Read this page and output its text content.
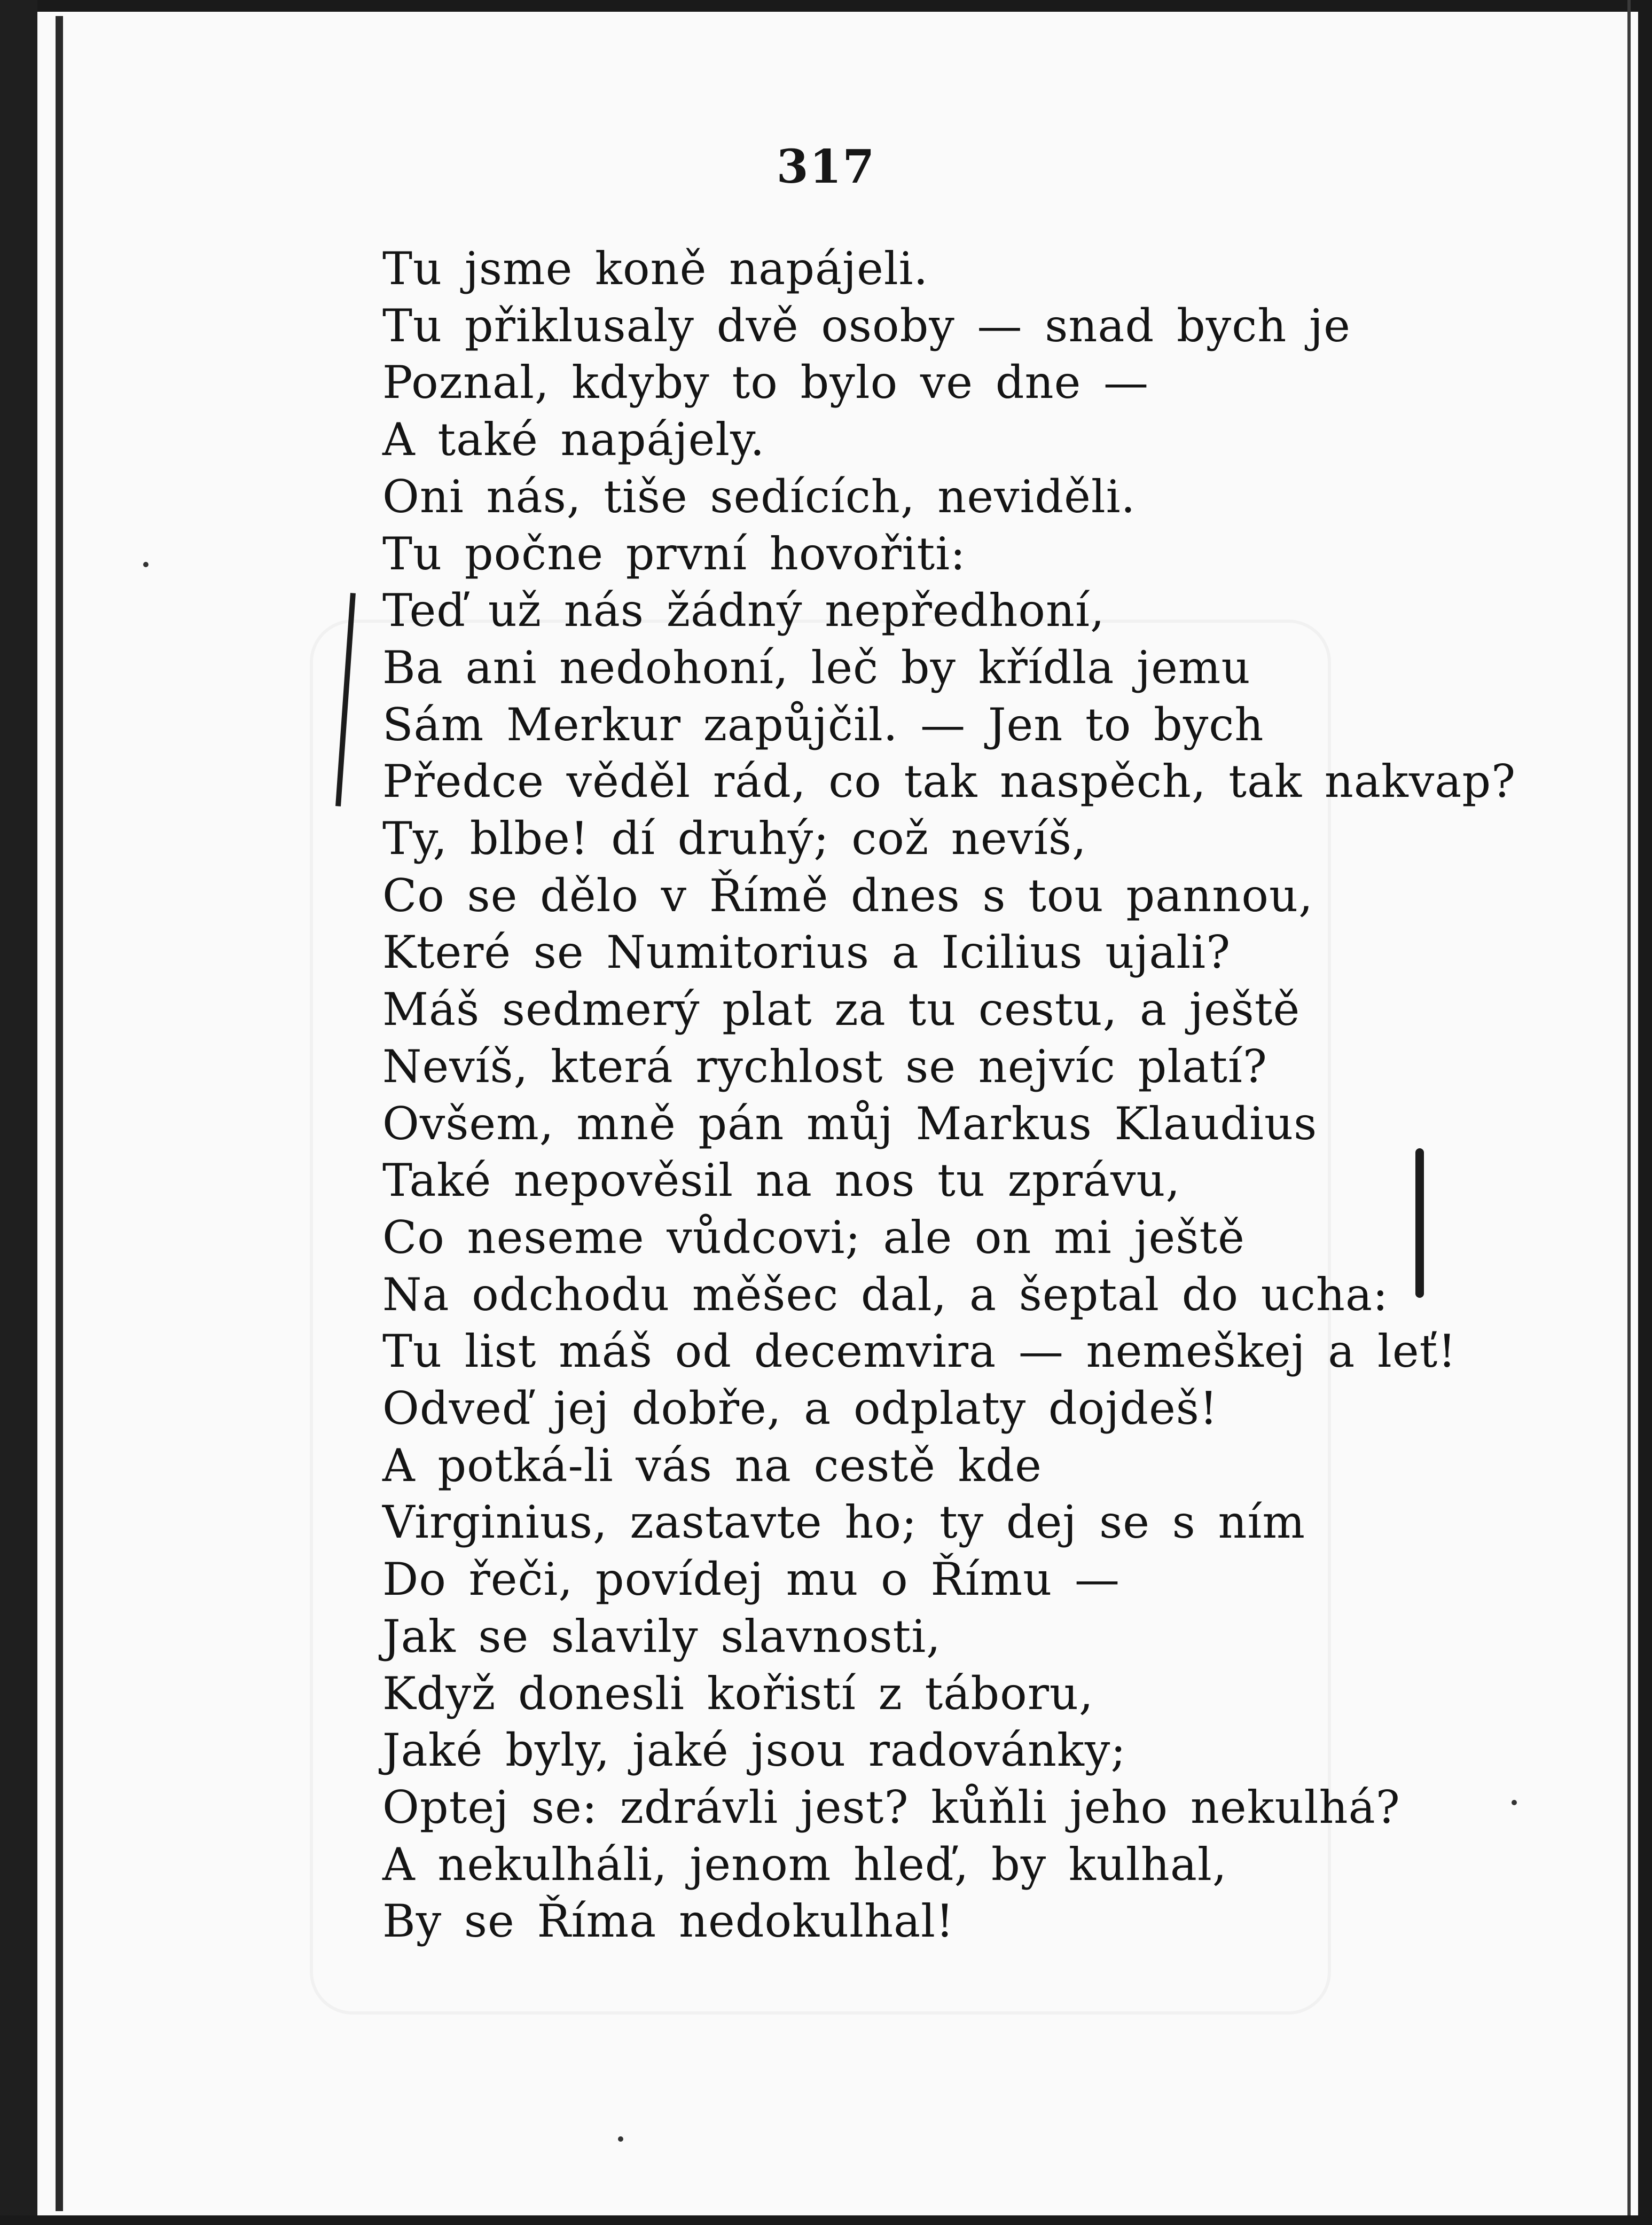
317
Tu jsme koně napájeli.
Tu přiklusaly dvě osoby — snad bych je
Poznal, kdyby to bylo ve dne —
A také napájely.
Oni nás, tiše sedících, neviděli.
Tu počne první hovořiti:
Teď už nás žádný nepředhoní,
Ba ani nedohoní, leč by křídla jemu
Sám Merkur zapůjčil. — Jen to bych
Předce věděl rád, co tak naspěch, tak nakvap?
Ty, blbe! dí druhý; což nevíš,
Co se dělo v Římě dnes s tou pannou,
Které se Numitorius a Icilius ujali?
Máš sedmerý plat za tu cestu, a ještě
Nevíš, která rychlost se nejvíc platí?
Ovšem, mně pán můj Markus Klaudius
Také nepověsil na nos tu zprávu,
Co neseme vůdcovi; ale on mi ještě
Na odchodu měšec dal, a šeptal do ucha:
Tu list máš od decemvira — nemeškej a leť!
Odveď jej dobře, a odplaty dojdeš!
A potká-li vás na cestě kde
Virginius, zastavte ho; ty dej se s ním
Do řeči, povídej mu o Římu —
Jak se slavily slavnosti,
Když donesli kořistí z táboru,
Jaké byly, jaké jsou radovánky;
Optej se: zdrávli jest? kůňli jeho nekulhá?
A nekulháli, jenom hleď, by kulhal,
By se Říma nedokulhal!
